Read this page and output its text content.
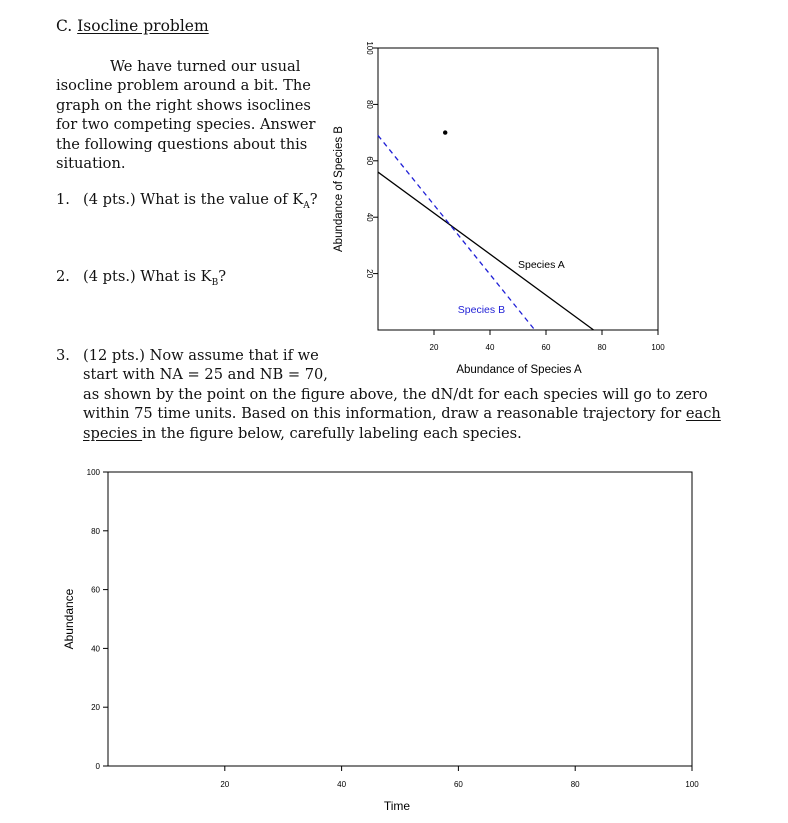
C. Isocline problem
We have turned our usual
isocline problem around a bit. The
graph on the right shows isoclines
for two competing species. Answer
the following questions about this
situation.
1. (4 pts.) What is the value of $K_A$?
2. (4 pts.) What is $K_B$?
3. (12 pts.) Now assume that if we
start with NA = 25 and NB = 70,
as shown by the point on the figure above, the dN/dt for each species will go to zero
within 75 time units. Based on this information, draw a reasonable trajectory for each
species in the figure below, carefully labeling each species.
20	40	60	80	100
20
40
60
80
100
Abundance of Species A
Abundance of Species B
Species A
Species B
20	40	60	80	100
0
20
40
60
80
100
Time
Abundance
